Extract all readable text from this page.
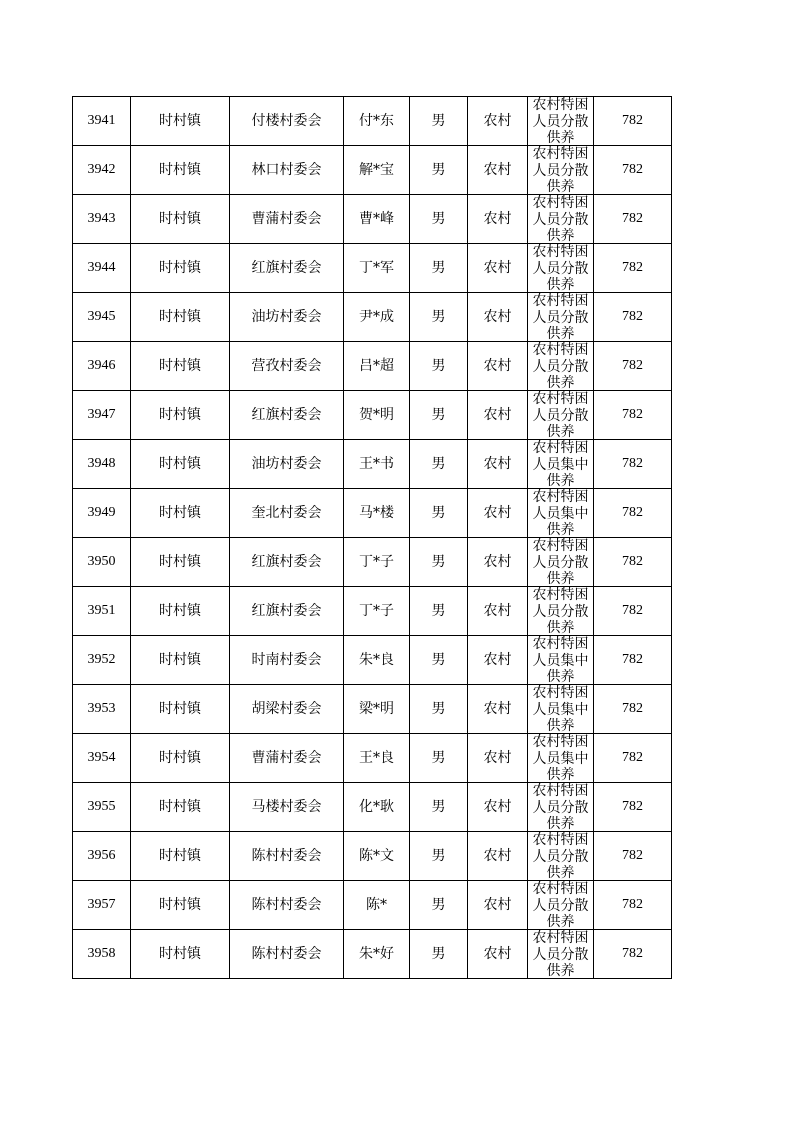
3941	时村镇	付楼村委会	付*东	男	农村	农村特困人员分散供养	782
3942	时村镇	林口村委会	解*宝	男	农村	农村特困人员分散供养	782
3943	时村镇	曹蒲村委会	曹*峰	男	农村	农村特困人员分散供养	782
3944	时村镇	红旗村委会	丁*军	男	农村	农村特困人员分散供养	782
3945	时村镇	油坊村委会	尹*成	男	农村	农村特困人员分散供养	782
3946	时村镇	营孜村委会	吕*超	男	农村	农村特困人员分散供养	782
3947	时村镇	红旗村委会	贺*明	男	农村	农村特困人员分散供养	782
3948	时村镇	油坊村委会	王*书	男	农村	农村特困人员集中供养	782
3949	时村镇	奎北村委会	马*楼	男	农村	农村特困人员集中供养	782
3950	时村镇	红旗村委会	丁*子	男	农村	农村特困人员分散供养	782
3951	时村镇	红旗村委会	丁*子	男	农村	农村特困人员分散供养	782
3952	时村镇	时南村委会	朱*良	男	农村	农村特困人员集中供养	782
3953	时村镇	胡梁村委会	梁*明	男	农村	农村特困人员集中供养	782
3954	时村镇	曹蒲村委会	王*良	男	农村	农村特困人员集中供养	782
3955	时村镇	马楼村委会	化*耿	男	农村	农村特困人员分散供养	782
3956	时村镇	陈村村委会	陈*文	男	农村	农村特困人员分散供养	782
3957	时村镇	陈村村委会	陈*	男	农村	农村特困人员分散供养	782
3958	时村镇	陈村村委会	朱*好	男	农村	农村特困人员分散供养	782
